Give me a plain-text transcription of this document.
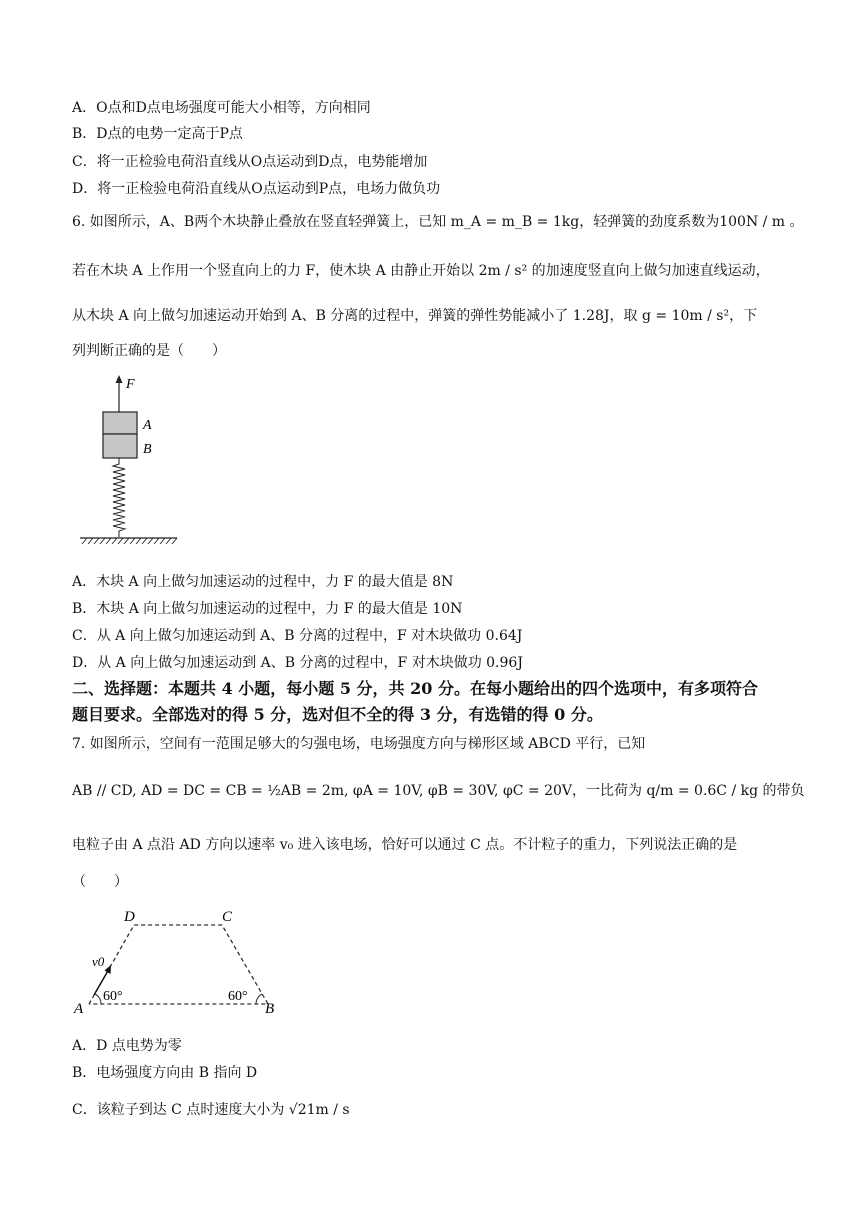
A．O点和D点电场强度可能大小相等，方向相同
B．D点的电势一定高于P点
C．将一正检验电荷沿直线从O点运动到D点，电势能增加
D．将一正检验电荷沿直线从O点运动到P点，电场力做负功
6. 如图所示，A、B两个木块静止叠放在竖直轻弹簧上，已知 m_A = m_B = 1kg，轻弹簧的劲度系数为100N / m 。
若在木块 A 上作用一个竖直向上的力 F，使木块 A 由静止开始以 2m / s² 的加速度竖直向上做匀加速直线运动，
从木块 A 向上做匀加速运动开始到 A、B 分离的过程中，弹簧的弹性势能减小了 1.28J，取 g = 10m / s²，下
列判断正确的是（　　）
F
A
B
A．木块 A 向上做匀加速运动的过程中，力 F 的最大值是 8N
B．木块 A 向上做匀加速运动的过程中，力 F 的最大值是 10N
C．从 A 向上做匀加速运动到 A、B 分离的过程中，F 对木块做功 0.64J
D．从 A 向上做匀加速运动到 A、B 分离的过程中，F 对木块做功 0.96J
二、选择题：本题共 4 小题，每小题 5 分，共 20 分。在每小题给出的四个选项中，有多项符合
题目要求。全部选对的得 5 分，选对但不全的得 3 分，有选错的得 0 分。
7. 如图所示，空间有一范围足够大的匀强电场，电场强度方向与梯形区域 ABCD 平行，已知
AB // CD, AD = DC = CB = ½AB = 2m, φA = 10V, φB = 30V, φC = 20V，一比荷为 q/m = 0.6C / kg 的带负
电粒子由 A 点沿 AD 方向以速率 v₀ 进入该电场，恰好可以通过 C 点。不计粒子的重力，下列说法正确的是
（　　）
A	B
C
D
v0
60°	60°
A．D 点电势为零
B．电场强度方向由 B 指向 D
C．该粒子到达 C 点时速度大小为 √21m / s
